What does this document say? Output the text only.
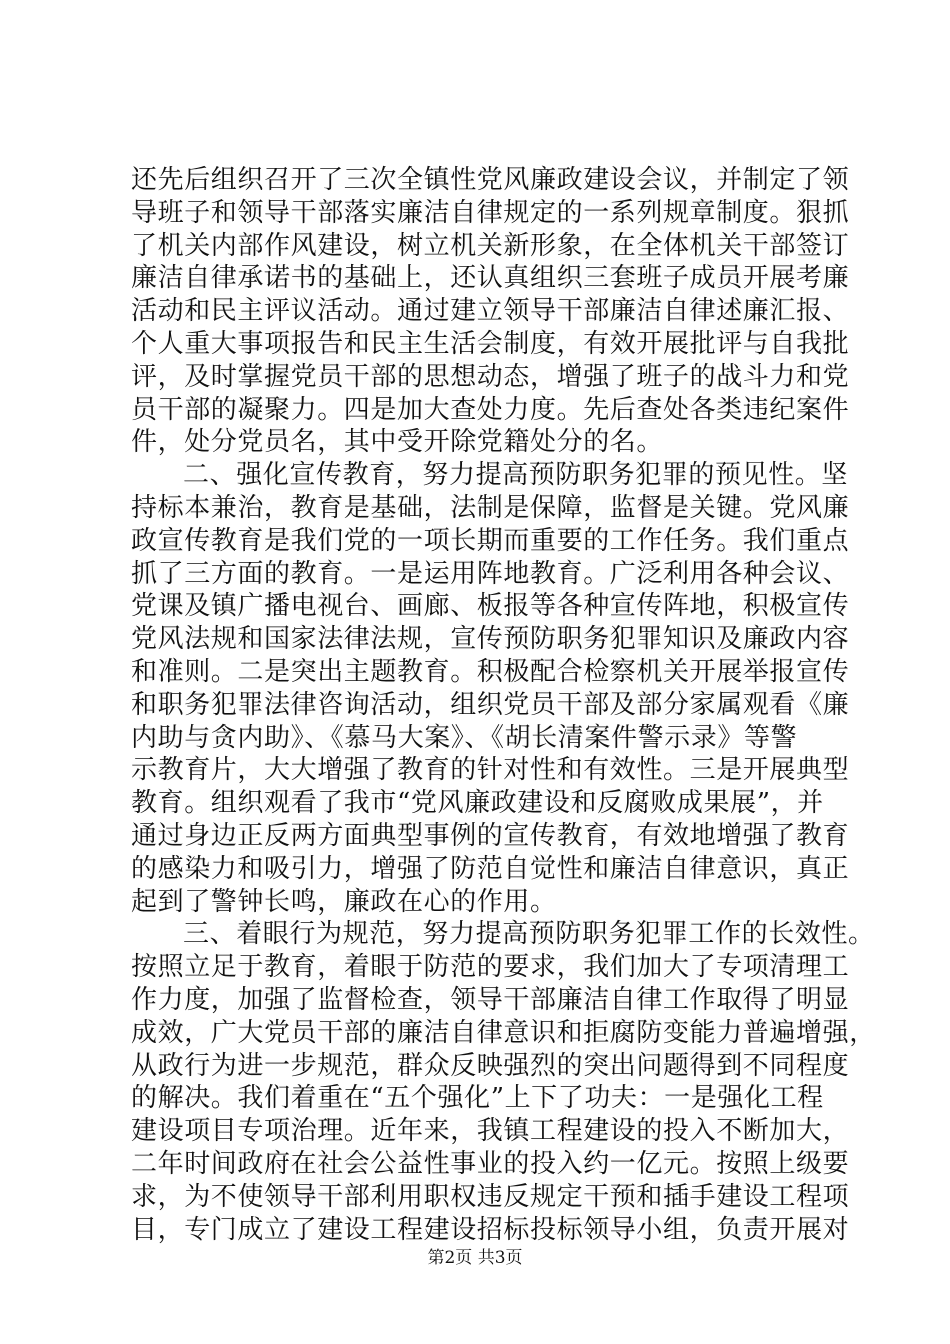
还先后组织召开了三次全镇性党风廉政建设会议，并制定了领
导班子和领导干部落实廉洁自律规定的一系列规章制度。狠抓
了机关内部作风建设，树立机关新形象，在全体机关干部签订
廉洁自律承诺书的基础上，还认真组织三套班子成员开展考廉
活动和民主评议活动。通过建立领导干部廉洁自律述廉汇报、
个人重大事项报告和民主生活会制度，有效开展批评与自我批
评，及时掌握党员干部的思想动态，增强了班子的战斗力和党
员干部的凝聚力。四是加大查处力度。先后查处各类违纪案件
件，处分党员名，其中受开除党籍处分的名。
二、强化宣传教育，努力提高预防职务犯罪的预见性。坚
持标本兼治，教育是基础，法制是保障，监督是关键。党风廉
政宣传教育是我们党的一项长期而重要的工作任务。我们重点
抓了三方面的教育。一是运用阵地教育。广泛利用各种会议、
党课及镇广播电视台、画廊、板报等各种宣传阵地，积极宣传
党风法规和国家法律法规，宣传预防职务犯罪知识及廉政内容
和准则。二是突出主题教育。积极配合检察机关开展举报宣传
和职务犯罪法律咨询活动，组织党员干部及部分家属观看《廉
内助与贪内助》、《慕马大案》、《胡长清案件警示录》等警
示教育片，大大增强了教育的针对性和有效性。三是开展典型
教育。组织观看了我市“党风廉政建设和反腐败成果展”，并
通过身边正反两方面典型事例的宣传教育，有效地增强了教育
的感染力和吸引力，增强了防范自觉性和廉洁自律意识，真正
起到了警钟长鸣，廉政在心的作用。
三、着眼行为规范，努力提高预防职务犯罪工作的长效性。
按照立足于教育，着眼于防范的要求，我们加大了专项清理工
作力度，加强了监督检查，领导干部廉洁自律工作取得了明显
成效，广大党员干部的廉洁自律意识和拒腐防变能力普遍增强，
从政行为进一步规范，群众反映强烈的突出问题得到不同程度
的解决。我们着重在“五个强化”上下了功夫：一是强化工程
建设项目专项治理。近年来，我镇工程建设的投入不断加大，
二年时间政府在社会公益性事业的投入约一亿元。按照上级要
求，为不使领导干部利用职权违反规定干预和插手建设工程项
目，专门成立了建设工程建设招标投标领导小组，负责开展对
第2页 共3页
